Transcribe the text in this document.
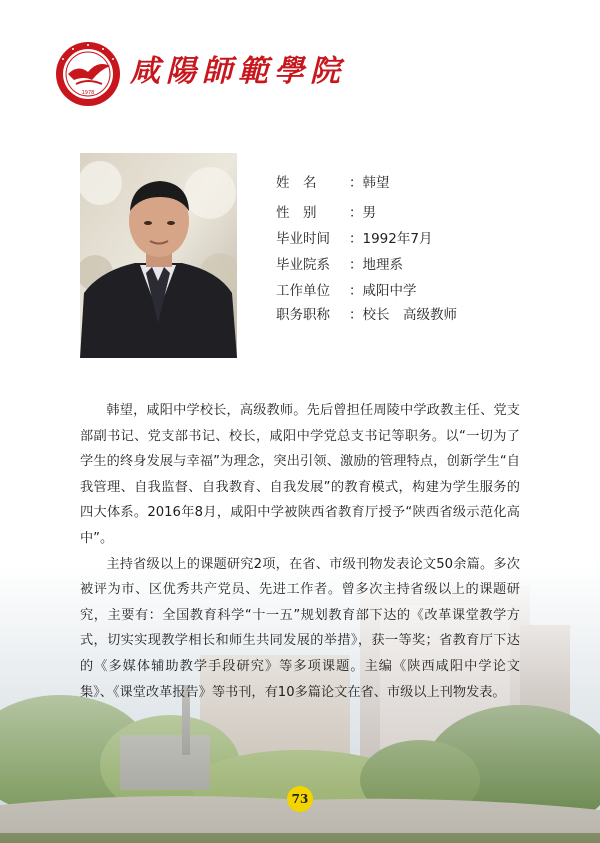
1978
咸陽師範學院
姓　名 ：韩望
性　别 ：男
毕业时间 ：1992年7月
毕业院系 ：地理系
工作单位 ：咸阳中学
职务职称 ：校长　高级教师

韩望，咸阳中学校长，高级教师。先后曾担任周陵中学政教主任、党支部副书记、党支部书记、校长，咸阳中学党总支书记等职务。以“一切为了学生的终身发展与幸福”为理念，突出引领、激励的管理特点，创新学生“自我管理、自我监督、自我教育、自我发展”的教育模式，构建为学生服务的四大体系。2016年8月，咸阳中学被陕西省教育厅授予“陕西省级示范化高中”。

主持省级以上的课题研究2项，在省、市级刊物发表论文50余篇。多次被评为市、区优秀共产党员、先进工作者。曾多次主持省级以上的课题研究，主要有：全国教育科学“十一五”规划教育部下达的《改革课堂教学方式，切实实现教学相长和师生共同发展的举措》，获一等奖；省教育厅下达的《多媒体辅助教学手段研究》等多项课题。主编《陕西咸阳中学论文集》、《课堂改革报告》等书刊，有10多篇论文在省、市级以上刊物发表。

73
